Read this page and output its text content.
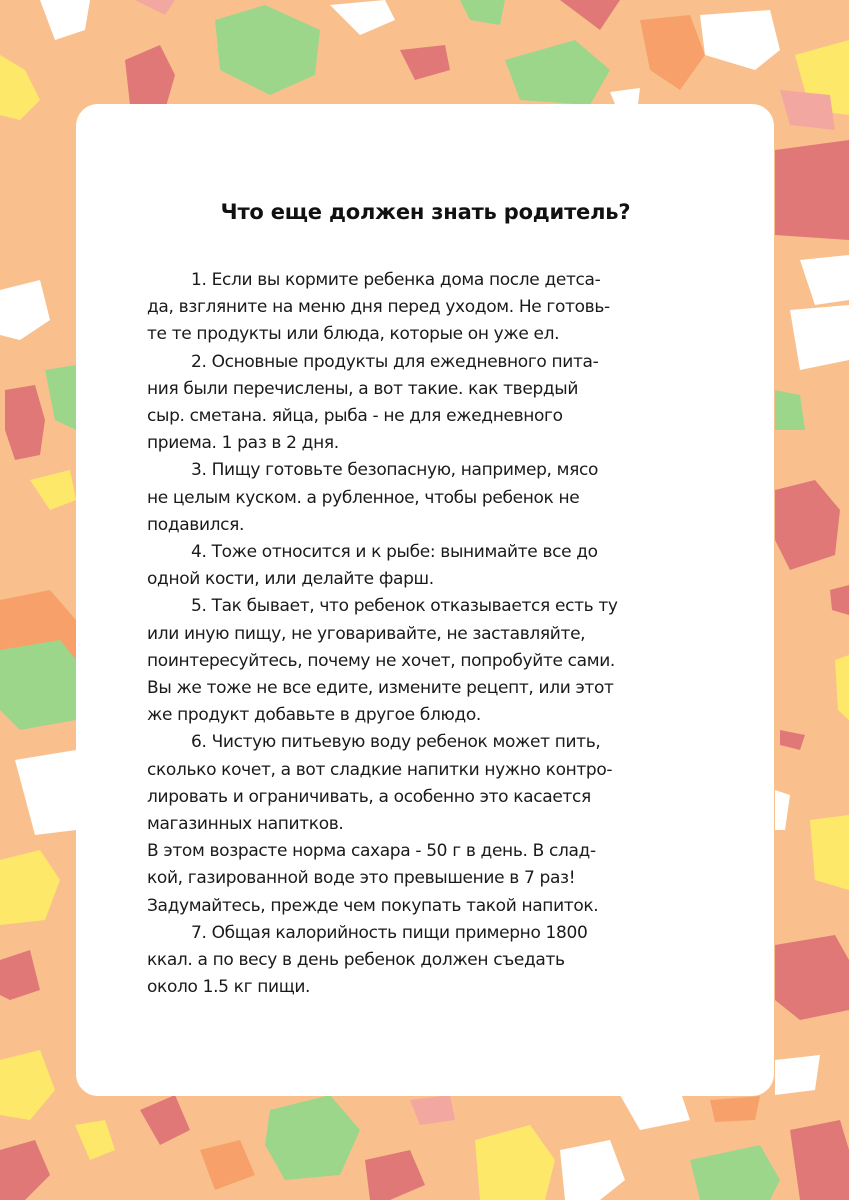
Что еще должен знать родитель?

1. Если вы кормите ребенка дома после детса-
да, взгляните на меню дня перед уходом. Не готовь-
те те продукты или блюда, которые он уже ел.

2. Основные продукты для ежедневного пита-
ния были перечислены, а вот такие. как твердый
сыр. сметана. яйца, рыба - не для ежедневного
приема. 1 раз в 2 дня.

3. Пищу готовьте безопасную, например, мясо
не целым куском. а рубленное, чтобы ребенок не
подавился.

4. Тоже относится и к рыбе: вынимайте все до
одной кости, или делайте фарш.

5. Так бывает, что ребенок отказывается есть ту
или иную пищу, не уговаривайте, не заставляйте,
поинтересуйтесь, почему не хочет, попробуйте сами.
Вы же тоже не все едите, измените рецепт, или этот
же продукт добавьте в другое блюдо.

6. Чистую питьевую воду ребенок может пить,
сколько кочет, а вот сладкие напитки нужно контро-
лировать и ограничивать, а особенно это касается
магазинных напитков.

В этом возрасте норма сахара - 50 г в день. В слад-
кой, газированной воде это превышение в 7 раз!
Задумайтесь, прежде чем покупать такой напиток.

7. Общая калорийность пищи примерно 1800
ккал. а по весу в день ребенок должен съедать
около 1.5 кг пищи.
